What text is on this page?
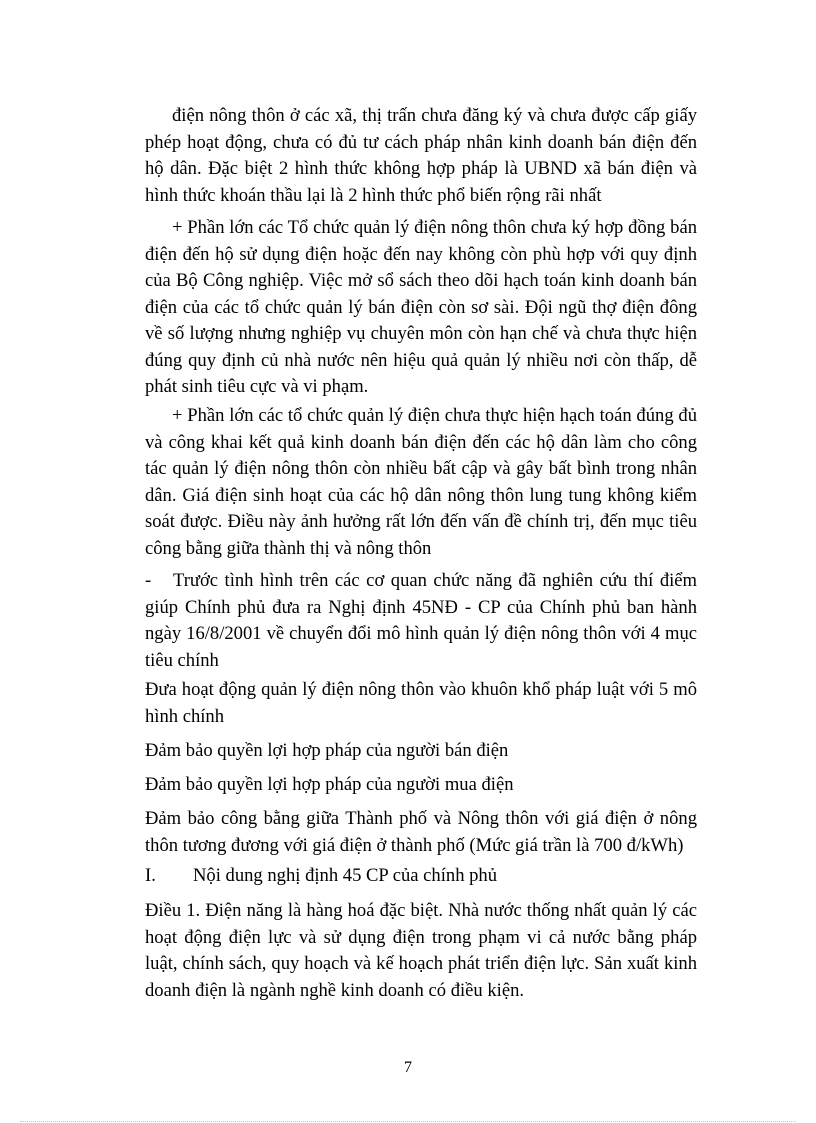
điện nông thôn ở các xã, thị trấn chưa đăng ký và chưa được cấp giấy phép hoạt động, chưa có đủ tư cách pháp nhân kinh doanh bán điện đến hộ dân. Đặc biệt 2 hình thức không hợp pháp là UBND xã bán điện và hình thức khoán thầu lại là 2 hình thức phổ biến rộng rãi nhất

+ Phần lớn các Tổ chức quản lý điện nông thôn chưa ký hợp đồng bán điện đến hộ sử dụng điện hoặc đến nay không còn phù hợp với quy định của Bộ Công nghiệp. Việc mở sổ sách theo dõi hạch toán kinh doanh bán điện của các tổ chức quản lý bán điện còn sơ sài. Đội ngũ thợ điện đông về số lượng nhưng nghiệp vụ chuyên môn còn hạn chế và chưa thực hiện đúng quy định củ nhà nước nên hiệu quả quản lý nhiều nơi còn thấp, dễ phát sinh tiêu cực và vi phạm.

+ Phần lớn các tổ chức quản lý điện chưa thực hiện hạch toán đúng đủ và công khai kết quả kinh doanh bán điện đến các hộ dân làm cho công tác quản lý điện nông thôn còn nhiều bất cập và gây bất bình trong nhân dân. Giá điện sinh hoạt của các hộ dân nông thôn lung tung không kiểm soát được. Điều này ảnh hưởng rất lớn đến vấn đề chính trị, đến mục tiêu công bằng giữa thành thị và nông thôn

- Trước tình hình trên các cơ quan chức năng đã nghiên cứu thí điểm giúp Chính phủ đưa ra Nghị định 45NĐ - CP của Chính phủ ban hành ngày 16/8/2001 về chuyển đổi mô hình quản lý điện nông thôn với 4 mục tiêu chính

Đưa hoạt động quản lý điện nông thôn vào khuôn khổ pháp luật với 5 mô hình chính

Đảm bảo quyền lợi hợp pháp của người bán điện

Đảm bảo quyền lợi hợp pháp của người mua điện

Đảm bảo công bằng giữa Thành phố và Nông thôn với giá điện ở nông thôn tương đương với giá điện ở thành phố (Mức giá trần là 700 đ/kWh)

I. Nội dung nghị định 45 CP của chính phủ

Điều 1. Điện năng là hàng hoá đặc biệt. Nhà nước thống nhất quản lý các hoạt động điện lực và sử dụng điện trong phạm vi cả nước bằng pháp luật, chính sách, quy hoạch và kế hoạch phát triển điện lực. Sản xuất kinh doanh điện là ngành nghề kinh doanh có điều kiện.

7
